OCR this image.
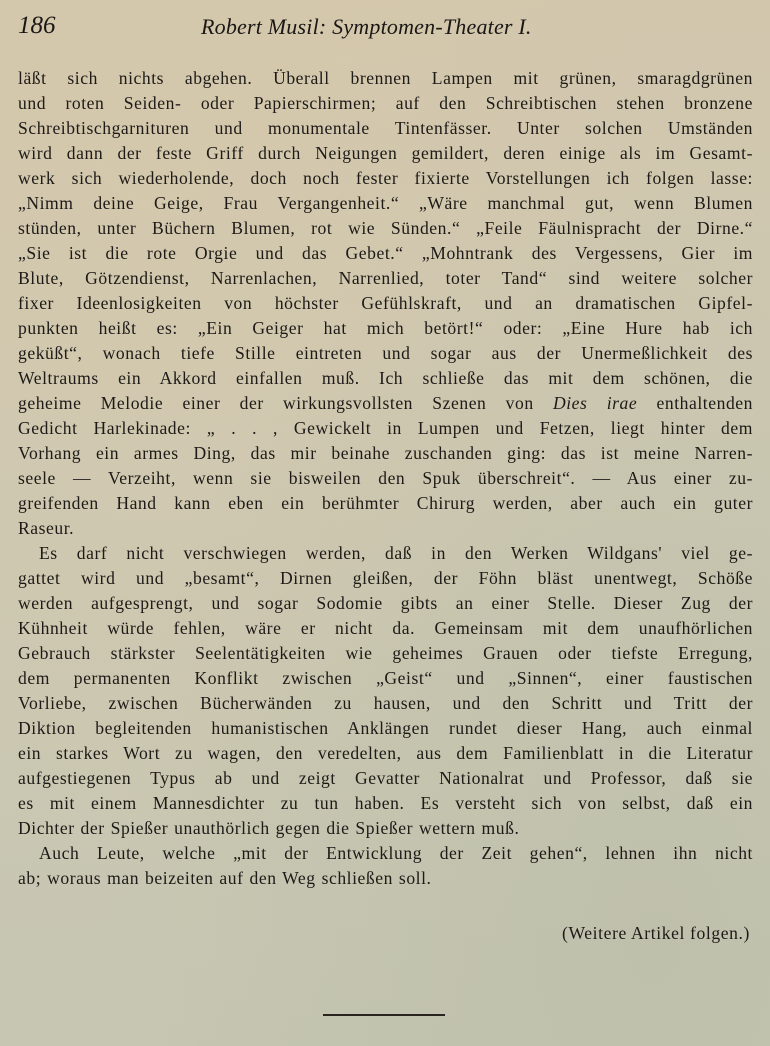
186	Robert Musil: Symptomen-Theater I.
läßt sich nichts abgehen. Überall brennen Lampen mit grünen, smaragdgrünen
und roten Seiden- oder Papierschirmen; auf den Schreibtischen stehen bronzene
Schreibtischgarnituren und monumentale Tintenfässer. Unter solchen Umständen
wird dann der feste Griff durch Neigungen gemildert, deren einige als im Gesamt-
werk sich wiederholende, doch noch fester fixierte Vorstellungen ich folgen lasse:
„Nimm deine Geige, Frau Vergangenheit.“ „Wäre manchmal gut, wenn Blumen
stünden, unter Büchern Blumen, rot wie Sünden.“ „Feile Fäulnispracht der Dirne.“
„Sie ist die rote Orgie und das Gebet.“ „Mohntrank des Vergessens, Gier im
Blute, Götzendienst, Narrenlachen, Narrenlied, toter Tand“ sind weitere solcher
fixer Ideenlosigkeiten von höchster Gefühlskraft, und an dramatischen Gipfel-
punkten heißt es: „Ein Geiger hat mich betört!“ oder: „Eine Hure hab ich
geküßt“, wonach tiefe Stille eintreten und sogar aus der Unermeßlichkeit des
Weltraums ein Akkord einfallen muß. Ich schließe das mit dem schönen, die
geheime Melodie einer der wirkungsvollsten Szenen von Dies irae enthaltenden
Gedicht Harlekinade: „ . . , Gewickelt in Lumpen und Fetzen, liegt hinter dem
Vorhang ein armes Ding, das mir beinahe zuschanden ging: das ist meine Narren-
seele — Verzeiht, wenn sie bisweilen den Spuk überschreit“. — Aus einer zu-
greifenden Hand kann eben ein berühmter Chirurg werden, aber auch ein guter
Raseur.
Es darf nicht verschwiegen werden, daß in den Werken Wildgans' viel ge-
gattet wird und „besamt“, Dirnen gleißen, der Föhn bläst unentwegt, Schöße
werden aufgesprengt, und sogar Sodomie gibts an einer Stelle. Dieser Zug der
Kühnheit würde fehlen, wäre er nicht da. Gemeinsam mit dem unaufhörlichen
Gebrauch stärkster Seelentätigkeiten wie geheimes Grauen oder tiefste Erregung,
dem permanenten Konflikt zwischen „Geist“ und „Sinnen“, einer faustischen
Vorliebe, zwischen Bücherwänden zu hausen, und den Schritt und Tritt der
Diktion begleitenden humanistischen Anklängen rundet dieser Hang, auch einmal
ein starkes Wort zu wagen, den veredelten, aus dem Familienblatt in die Literatur
aufgestiegenen Typus ab und zeigt Gevatter Nationalrat und Professor, daß sie
es mit einem Mannesdichter zu tun haben. Es versteht sich von selbst, daß ein
Dichter der Spießer unauthörlich gegen die Spießer wettern muß.
Auch Leute, welche „mit der Entwicklung der Zeit gehen“, lehnen ihn nicht
ab; woraus man beizeiten auf den Weg schließen soll.
(Weitere Artikel folgen.)
